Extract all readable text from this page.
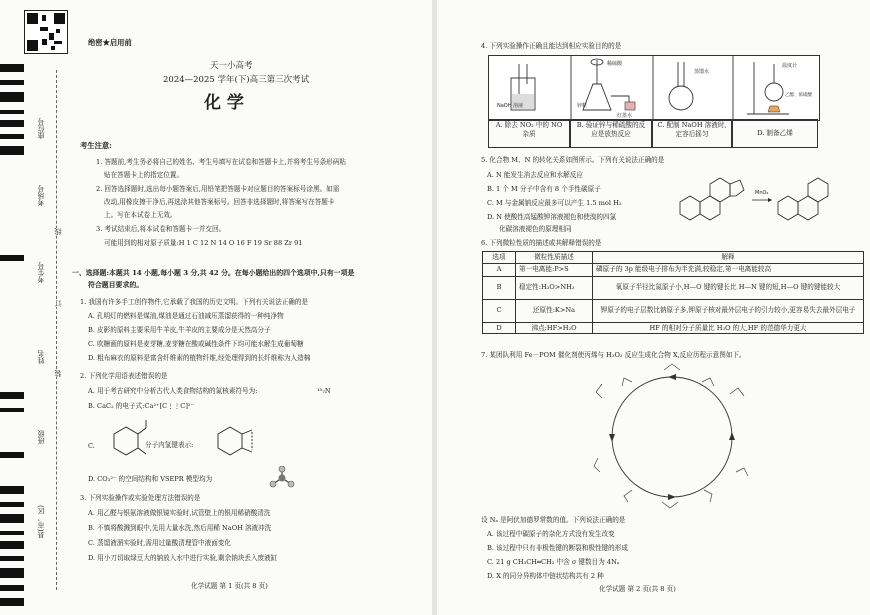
座位号
考场号
考生号
姓名
班级
县(市、区)
线
订
装
绝密★启用前
天一小高考
2024—2025 学年(下)高三第三次考试
化 学
考生注意:
1. 答题前,考生务必将自己的姓名、考生号填写在试卷和答题卡上,并将考生号条形码粘
贴在答题卡上的指定位置。
2. 回答选择题时,选出每小题答案后,用铅笔把答题卡对应题目的答案标号涂黑。如需
改动,用橡皮擦干净后,再选涂其他答案标号。回答非选择题时,将答案写在答题卡
上。写在本试卷上无效。
3. 考试结束后,将本试卷和答题卡一并交回。
可能用到的相对原子质量:H 1 C 12 N 14 O 16 F 19 Sr 88 Zr 91
一、选择题:本题共 14 小题,每小题 3 分,共 42 分。在每小题给出的四个选项中,只有一项是
符合题目要求的。
1. 我国有许多手工创作物件,它承载了我国的历史文明。下列有关说法正确的是
A. 孔明灯的燃料是煤油,煤油是通过石油减压蒸馏获得的一种纯净物
B. 皮影的原料主要采用牛羊皮,牛羊皮的主要成分是天然高分子
C. 吹糖画的原料是麦芽糖,麦芽糖在酸或碱性条件下均可能水解生成葡萄糖
D. 粗布麻衣的原料是富含纤维素的植物纤维,经处理得到的长纤维称为人造棉
2. 下列化学用语表述错误的是
A. 用于考古研究中分析古代人类食物结构的氮核素符号为:	¹⁵₇N
B. CaC₂ 的电子式:Ca²⁺[C⋮⋮C]²⁻
C.	分子内氢键表示:
D. CO₃²⁻ 的空间结构和 VSEPR 模型均为
3. 下列实验操作或实验处理方法错误的是
A. 用乙醛与银氨溶液做银镜实验时,试管壁上的银用稀硝酸清洗
B. 不慎将酸溅到眼中,先用大量水洗,然后用稀 NaOH 溶液冲洗
C. 蒸馏液溜实验时,需用过量酸清理管中液面变化
D. 用小刀切取绿豆大的钠放入水中进行实验,剩余钠块丢入废液缸
化学试题 第 1 页(共 8 页)
4. 下列实验操作正确且能达到相应实验目的的是
NaOH 溶液
稀硫酸
锌粒
红墨水
蒸馏水
温度计
乙醇、浓硫酸
A. 除去 NO₂ 中的 NO 杂质
B. 验证锌与稀硫酸的反应是放热反应
C. 配制 NaOH 溶液时,定容后摇匀	D. 制备乙烯
5. 化合物 M、N 的转化关系如图所示。下列有关说法正确的是
A. N 能发生消去反应和水解反应
B. 1 个 M 分子中含有 8 个手性碳原子
C. M 与金属钠反应最多可以产生 1.5 mol H₂
D. N 使酸性高锰酸钾溶液褪色和使溴的四氯
化碳溶液褪色的原理相同
MnO₂
6. 下列微粒性质的描述或其解释错误的是
选项	微粒性质描述	解释
A	第一电离能:P>S	磷原子的 3p 能级电子排布为半充满,较稳定,第一电离能较高
B	稳定性:H₂O>NH₃	氧原子半径比氮原子小,H—O 键的键长比 H—N 键的短,H—O 键的键能较大
C	还原性:K>Na	钾原子的电子层数比钠原子多,钾原子核对最外层电子的引力较小,更容易失去最外层电子
D	沸点:HF>H₂O	HF 的相对分子质量比 H₂O 的大,HF 的范德华力更大
7. 某团队利用 Fe－POM 催化剂使丙烯与 H₂O₂ 反应生成化合物 X,反应历程示意图如下。
设 Nₐ 是阿伏加德罗常数的值。下列说法正确的是
A. 该过程中碳原子的杂化方式没有发生改变
B. 该过程中只有非极性键的断裂和极性键的形成
C. 21 g CH₃CH═CH₂ 中含 σ 键数目为 4Nₐ
D. X 的同分异构体中链状结构共有 2 种
化学试题 第 2 页(共 8 页)
